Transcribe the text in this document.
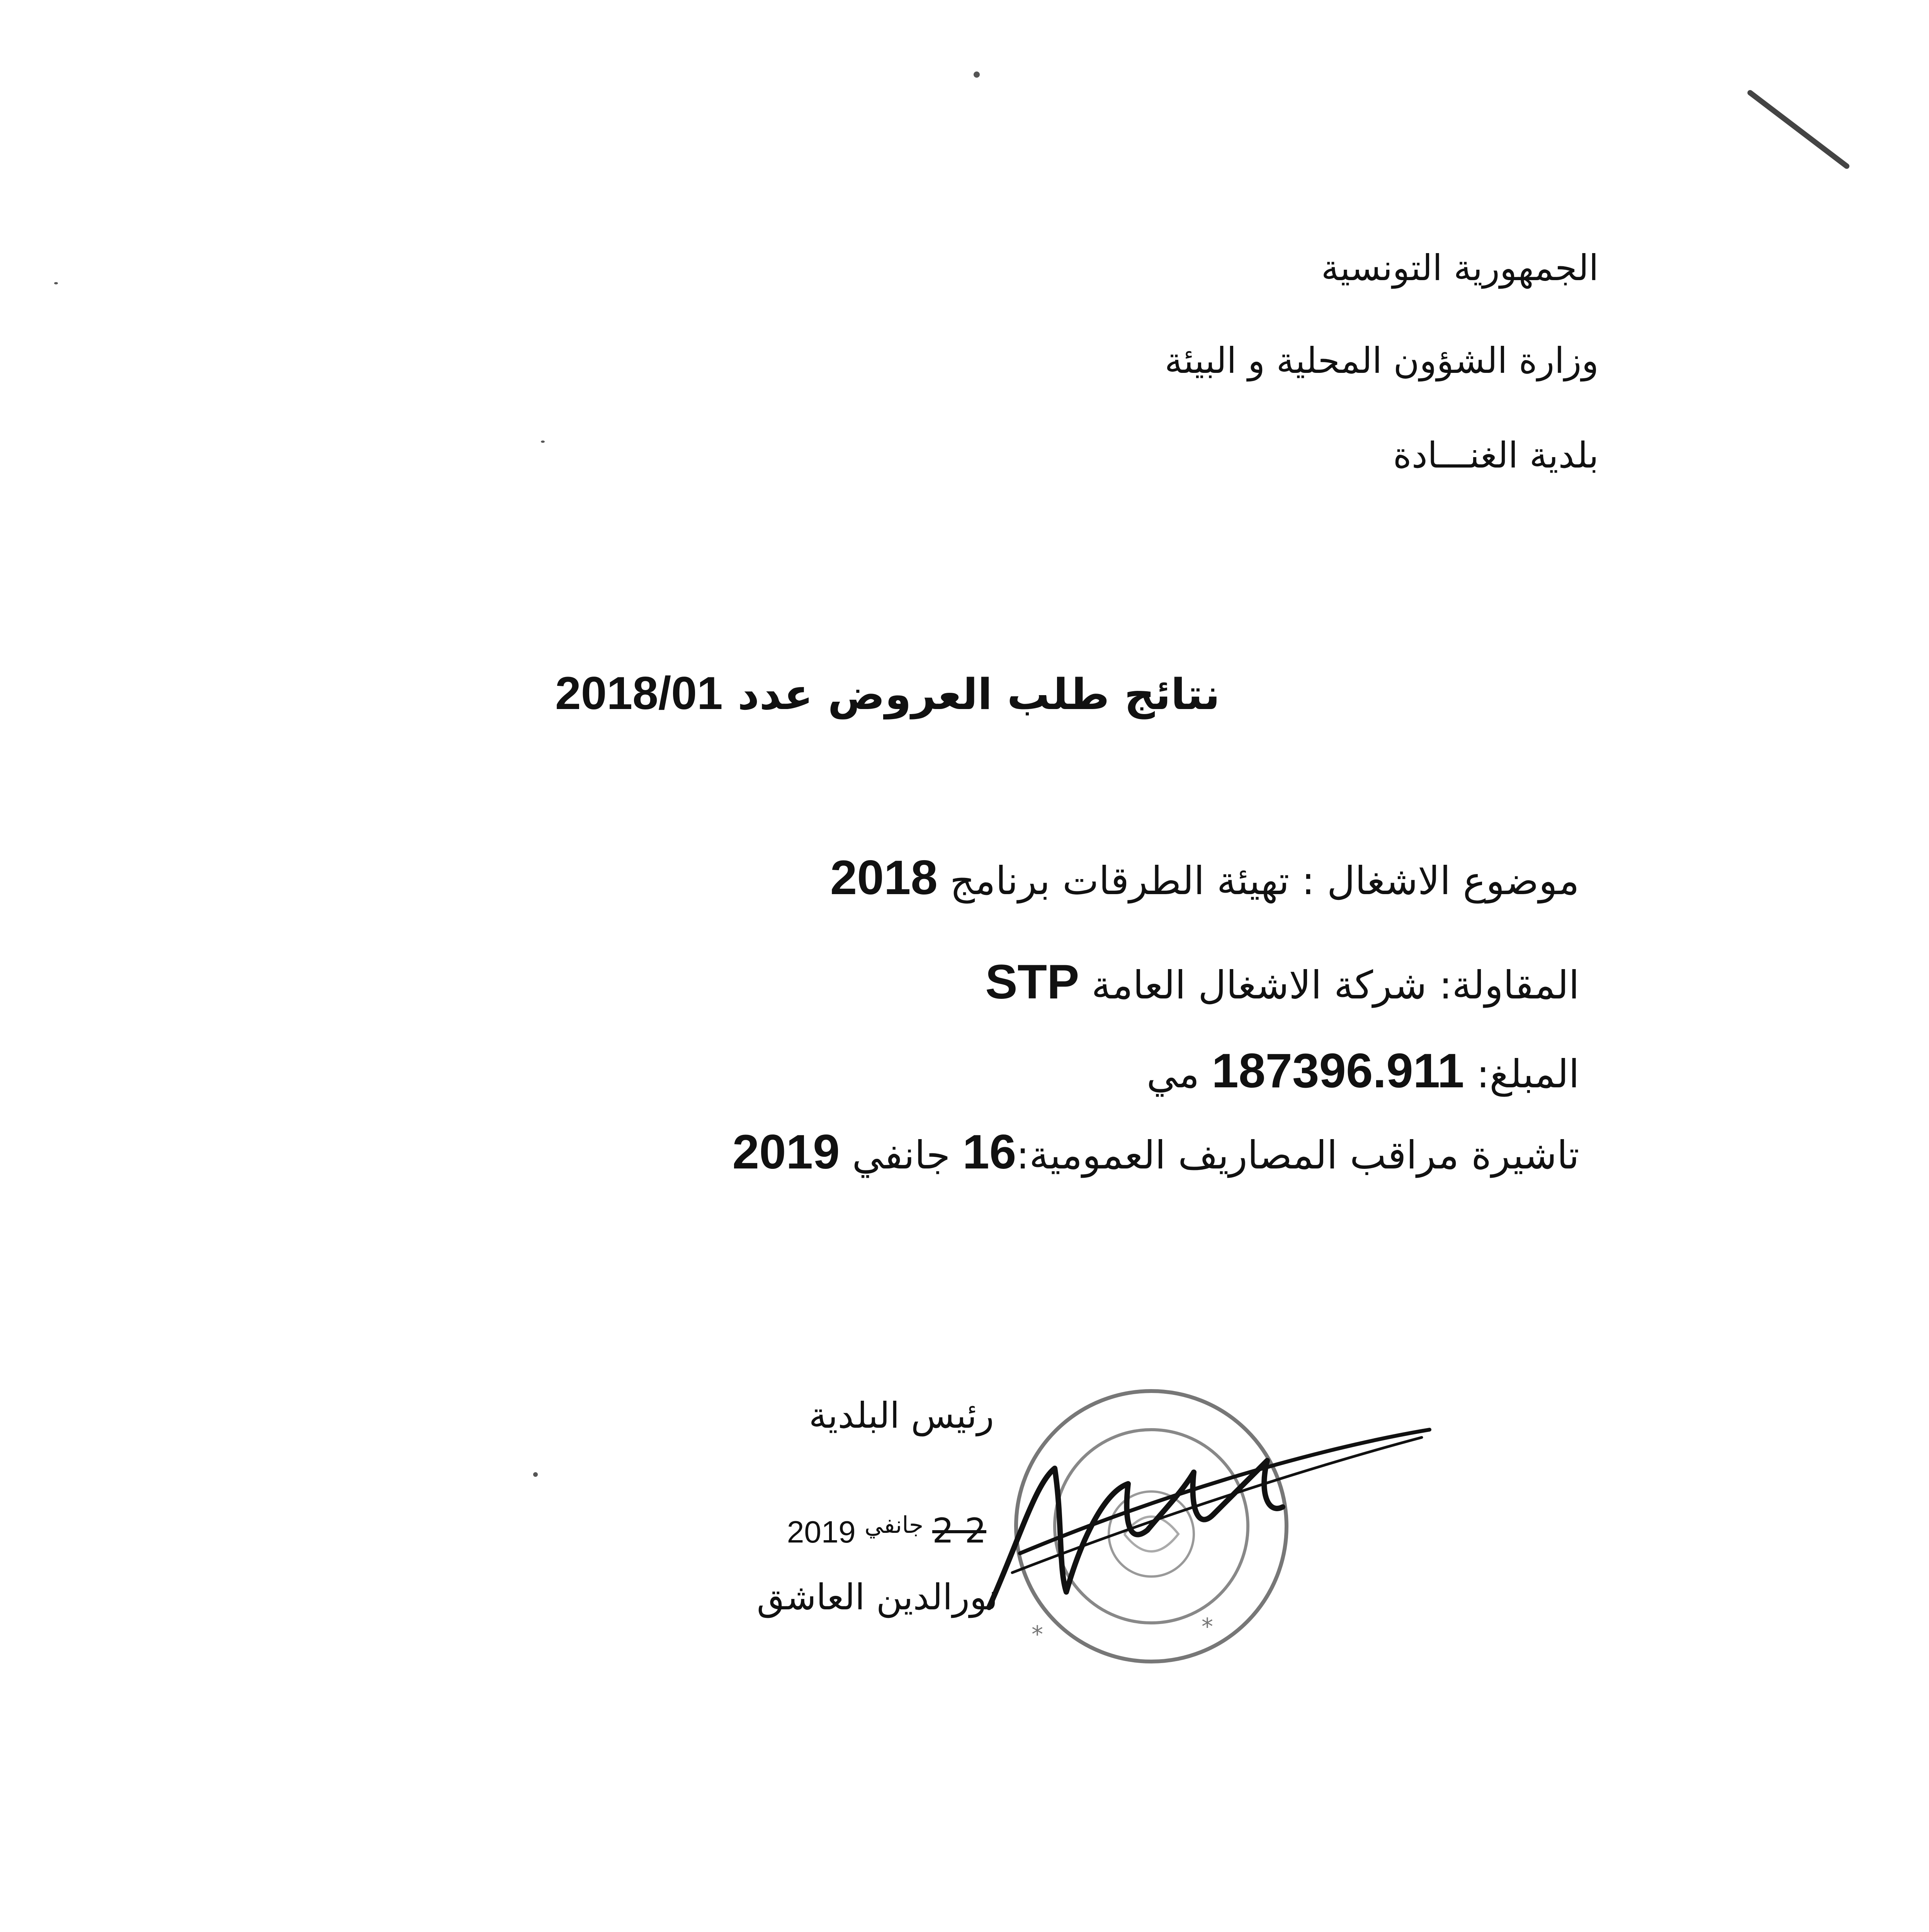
الجمهورية التونسية
وزارة الشؤون المحلية و البيئة
بلدية الغنـــادة
نتائج طلب العروض عدد 2018/01
موضوع الاشغال : تهيئة الطرقات برنامج 2018
المقاولة: شركة الاشغال العامة STP
المبلغ: 187396.911 مي
تاشيرة مراقب المصاريف العمومية:16 جانفي 2019
رئيس البلدية
2 2 $^{جانفي}$ 2019
نورالدين العاشق
*
*
